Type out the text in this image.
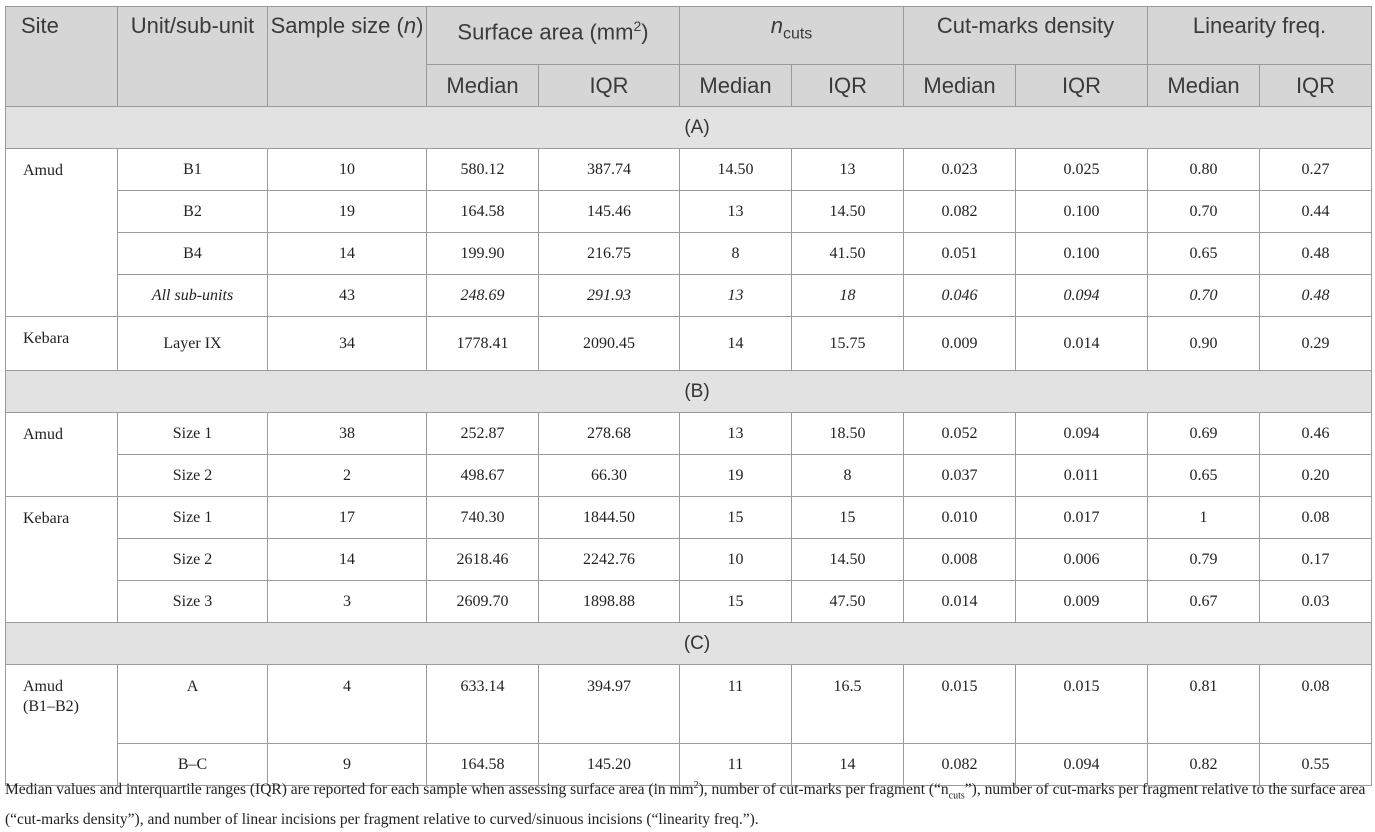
Site	Unit/sub-unit	Sample size (n)	Surface area $(mm^2)$		$n_{cuts}$		Cut-marks density		Linearity freq.	
			Median	IQR	Median	IQR	Median	IQR	Median	IQR
(A)										
Amud	B1	10	580.12	387.74	14.50	13	0.023	0.025	0.80	0.27
	B2	19	164.58	145.46	13	14.50	0.082	0.100	0.70	0.44
	B4	14	199.90	216.75	8	41.50	0.051	0.100	0.65	0.48
	All sub-units	43	248.69	291.93	13	18	0.046	0.094	0.70	0.48
Kebara	Layer IX	34	1778.41	2090.45	14	15.75	0.009	0.014	0.90	0.29
(B)										
Amud	Size 1	38	252.87	278.68	13	18.50	0.052	0.094	0.69	0.46
	Size 2	2	498.67	66.30	19	8	0.037	0.011	0.65	0.20
Kebara	Size 1	17	740.30	1844.50	15	15	0.010	0.017	1	0.08
	Size 2	14	2618.46	2242.76	10	14.50	0.008	0.006	0.79	0.17
	Size 3	3	2609.70	1898.88	15	47.50	0.014	0.009	0.67	0.03
(C)										
Amud
(B1–B2)	A	4	633.14	394.97	11	16.5	0.015	0.015	0.81	0.08
	B–C	9	164.58	145.20	11	14	0.082	0.094	0.82	0.55
Median values and interquartile ranges (IQR) are reported for each sample when assessing surface area (in $mm^2$), number of cut-marks per fragment $(“n_{cuts}”)$, number of cut-marks per fragment relative to the surface area (“cut-marks density”), and number of linear incisions per fragment relative to curved/sinuous incisions (“linearity freq.”).
